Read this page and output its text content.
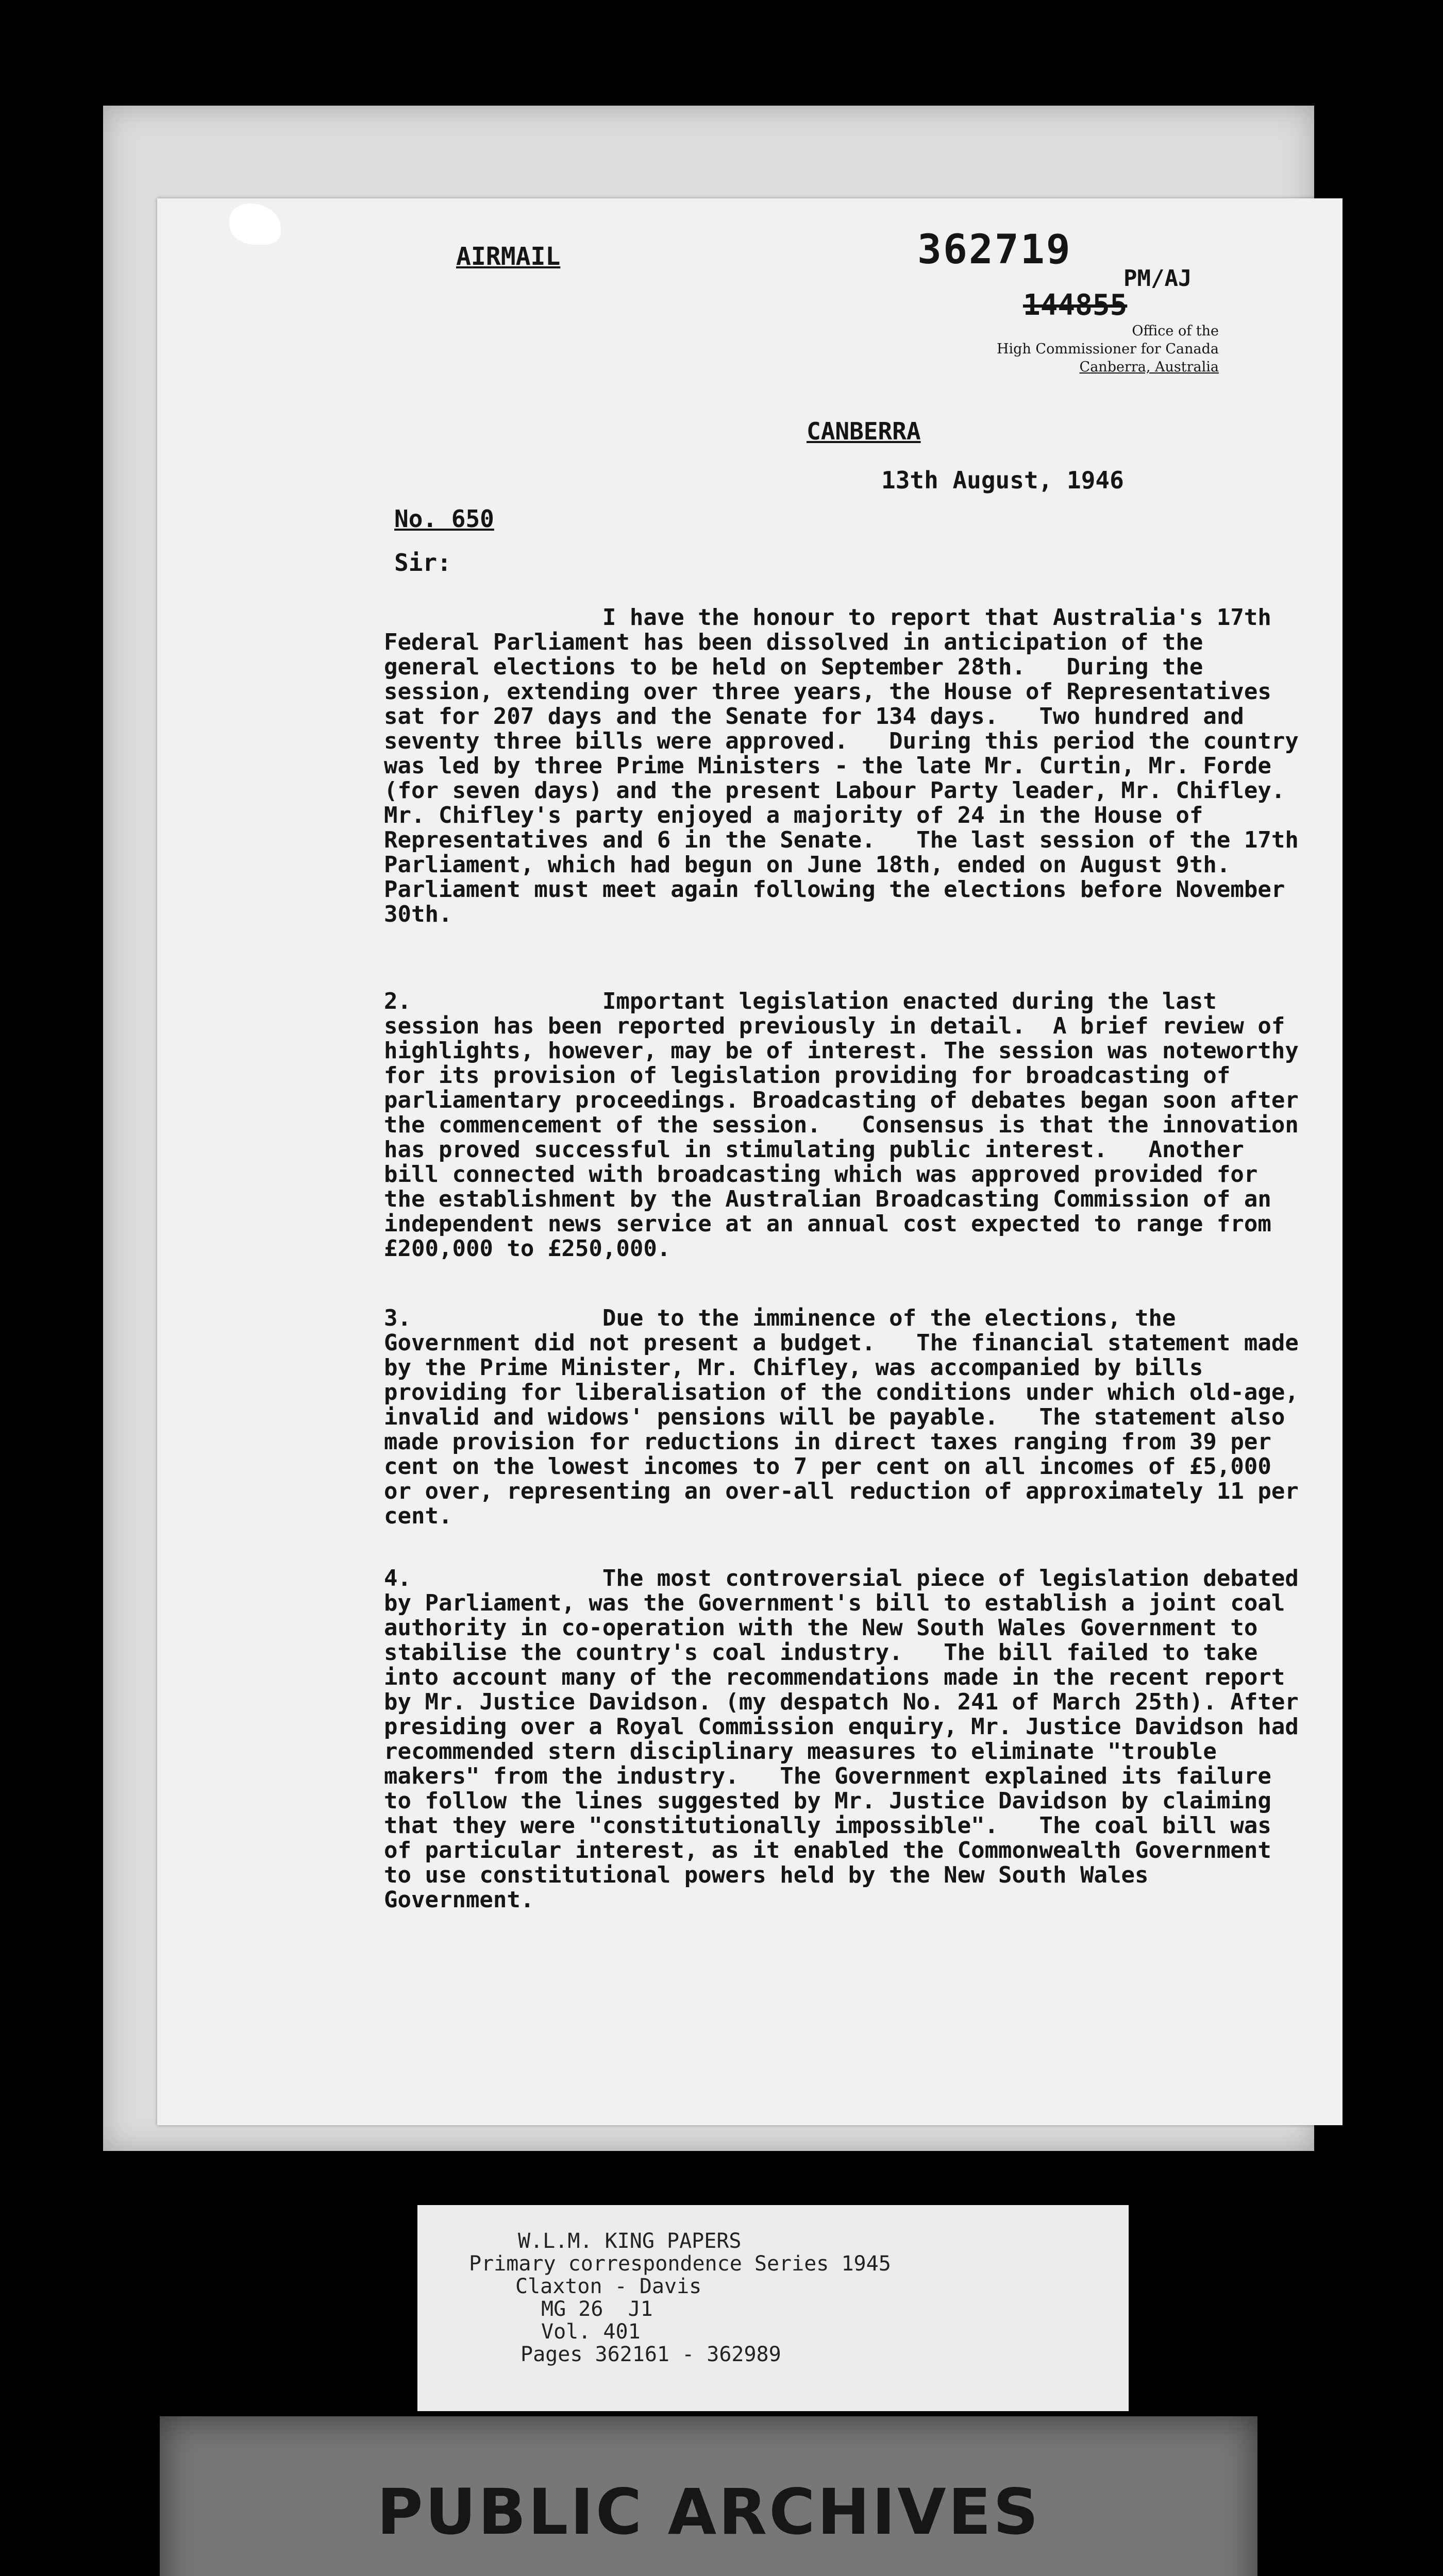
AIRMAIL	362719
PM/AJ
144855
Office of the
High Commissioner for Canada
Canberra, Australia
CANBERRA
13th August, 1946
No. 650
Sir:

I have the honour to report that Australia's 17th Federal Parliament has been dissolved in anticipation of the general elections to be held on September 28th.   During the session, extending over three years, the House of Representatives sat for 207 days and the Senate for 134 days.   Two hundred and seventy three bills were approved.   During this period the country was led by three Prime Ministers - the late Mr. Curtin, Mr. Forde (for seven days) and the present Labour Party leader, Mr. Chifley.   Mr. Chifley's party enjoyed a majority of 24 in the House of Representatives and 6 in the Senate.   The last session of the 17th Parliament, which had begun on June 18th, ended on August 9th.   Parliament must meet again following the elections before November 30th.

2.              Important legislation enacted during the last session has been reported previously in detail.  A brief review of highlights, however, may be of interest. The session was noteworthy for its provision of legislation providing for broadcasting of parliamentary proceedings. Broadcasting of debates began soon after the commencement of the session.   Consensus is that the innovation has proved successful in stimulating public interest.   Another bill connected with broadcasting which was approved provided for the establishment by the Australian Broadcasting Commission of an independent news service at an annual cost expected to range from £200,000 to £250,000.

3.              Due to the imminence of the elections, the Government did not present a budget.   The financial statement made by the Prime Minister, Mr. Chifley, was accompanied by bills providing for liberalisation of the conditions under which old-age, invalid and widows' pensions will be payable.   The statement also made provision for reductions in direct taxes ranging from 39 per cent on the lowest incomes to 7 per cent on all incomes of £5,000 or over, representing an over-all reduction of approximately 11 per cent.

4.              The most controversial piece of legislation debated by Parliament, was the Government's bill to establish a joint coal authority in co-operation with the New South Wales Government to stabilise the country's coal industry.   The bill failed to take into account many of the recommendations made in the recent report by Mr. Justice Davidson. (my despatch No. 241 of March 25th). After presiding over a Royal Commission enquiry, Mr. Justice Davidson had recommended stern disciplinary measures to eliminate "trouble makers" from the industry.   The Government explained its failure to follow the lines suggested by Mr. Justice Davidson by claiming that they were "constitutionally impossible".   The coal bill was of particular interest, as it enabled the Commonwealth Government to use constitutional powers held by the New South Wales Government.

W.L.M. KING PAPERS
Primary correspondence Series 1945
Claxton - Davis
MG 26  J1
Vol. 401
Pages 362161 - 362989
PUBLIC ARCHIVES
